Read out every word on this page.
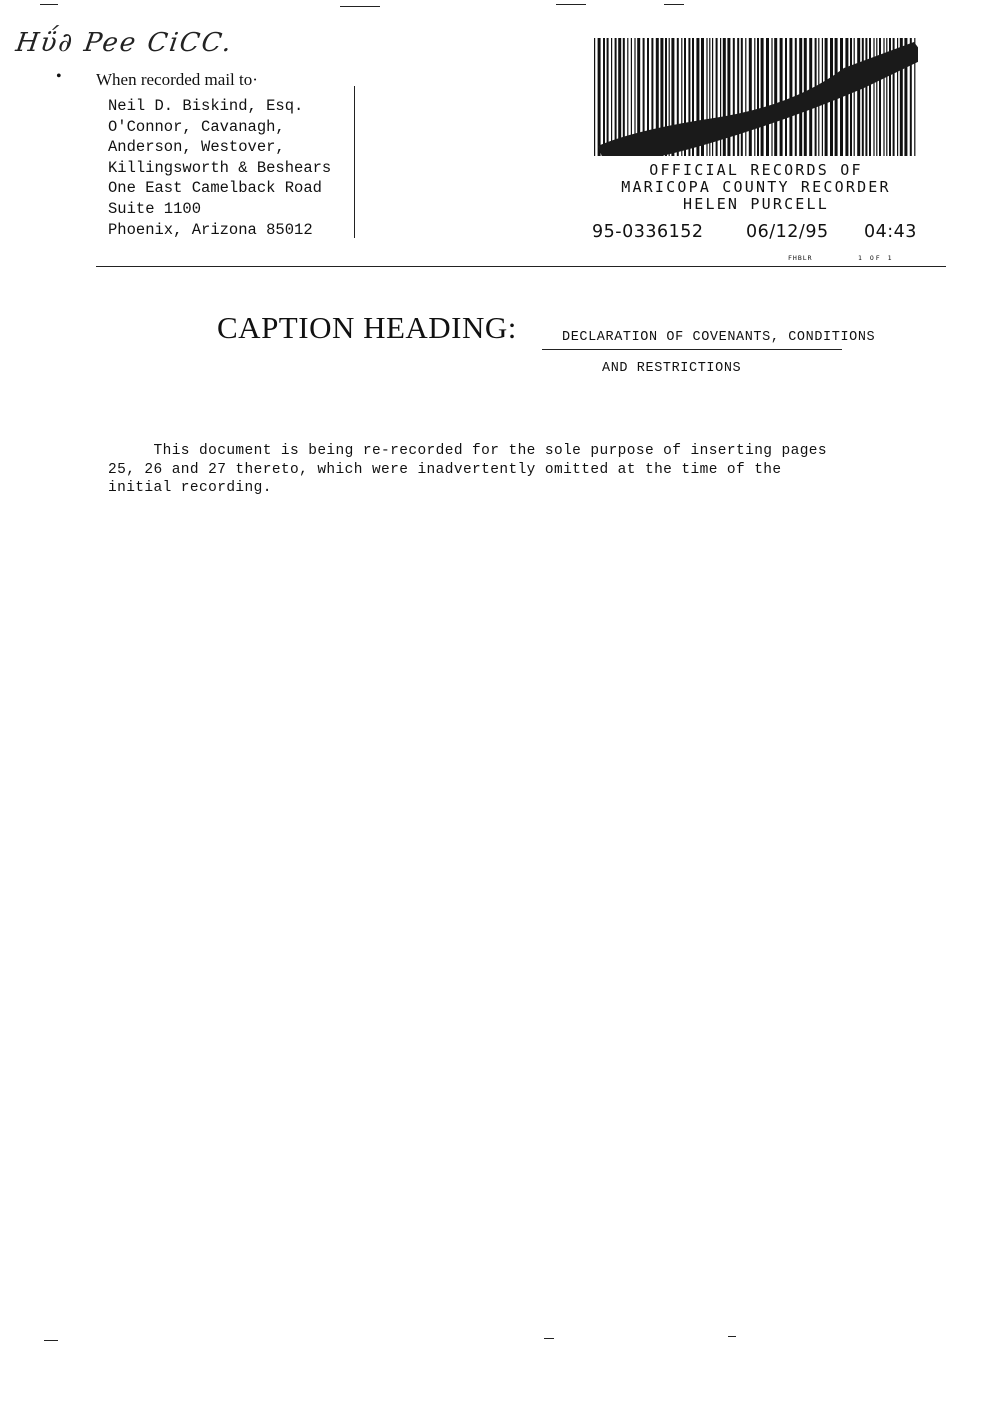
Ηΰ∂ Pee CiCC.
• When recorded mail to·
Neil D. Biskind, Esq.
O'Connor, Cavanagh,
Anderson, Westover,
Killingsworth & Beshears
One East Camelback Road
Suite 1100
Phoenix, Arizona 85012
OFFICIAL RECORDS OF
MARICOPA COUNTY RECORDER
HELEN PURCELL
95-0336152 06/12/95 04:43
FHBLR	1 OF 1
CAPTION HEADING:	DECLARATION OF COVENANTS, CONDITIONS
AND RESTRICTIONS
This document is being re-recorded for the sole purpose of inserting pages
25, 26 and 27 thereto, which were inadvertently omitted at the time of the
initial recording.
